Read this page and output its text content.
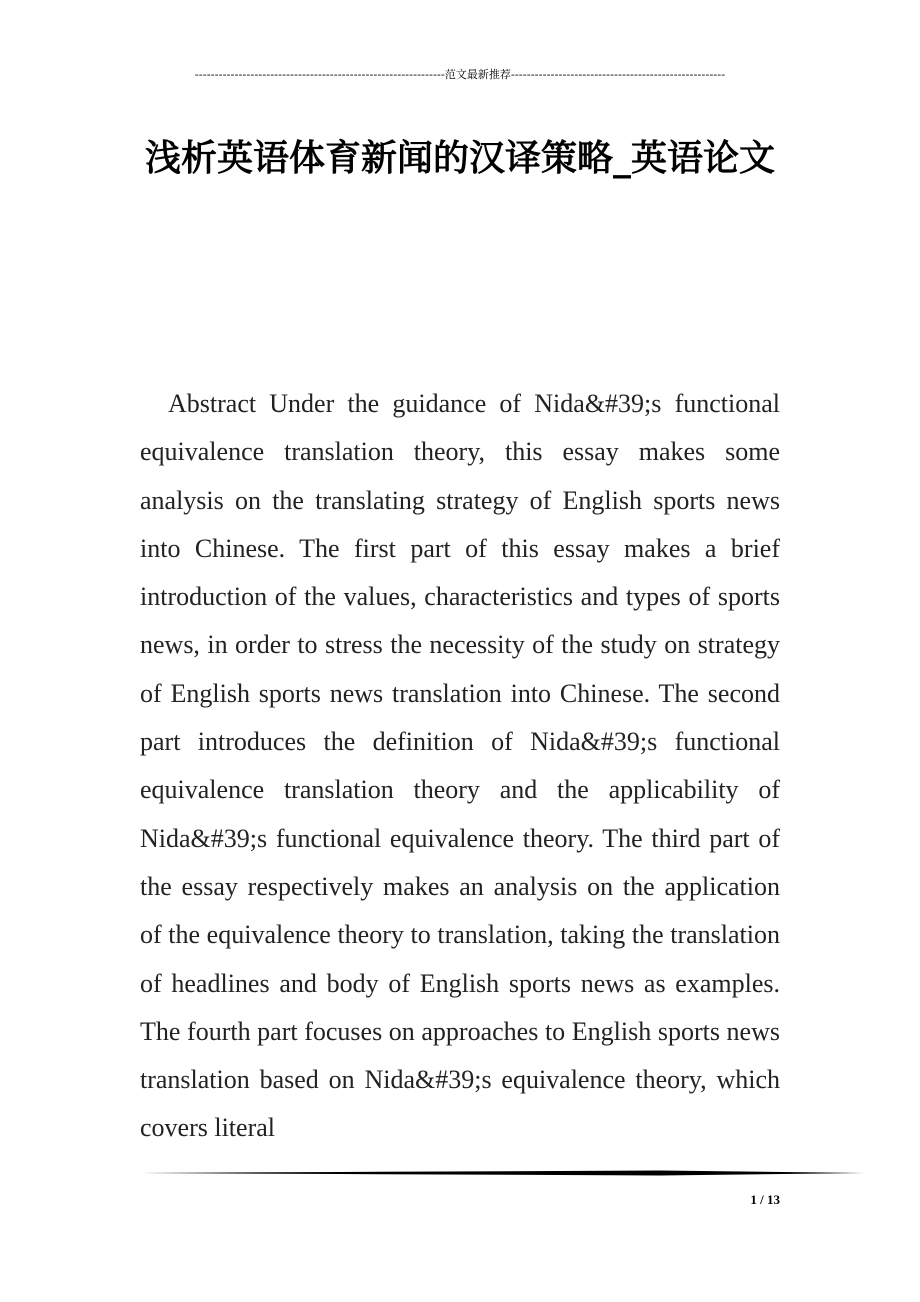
---------------------------------------------------------------范文最新推荐------------------------------------------------------
浅析英语体育新闻的汉译策略_英语论文

Abstract Under the guidance of Nida&#39;s functional equivalence translation theory, this essay makes some analysis on the translating strategy of English sports news into Chinese. The first part of this essay makes a brief introduction of the values, characteristics and types of sports news, in order to stress the necessity of the study on strategy of English sports news translation into Chinese. The second part introduces the definition of Nida&#39;s functional equivalence translation theory and the applicability of Nida&#39;s functional equivalence theory. The third part of the essay respectively makes an analysis on the application of the equivalence theory to translation, taking the translation of headlines and body of English sports news as examples. The fourth part focuses on approaches to English sports news translation based on Nida&#39;s equivalence theory, which covers literal

1 / 13
